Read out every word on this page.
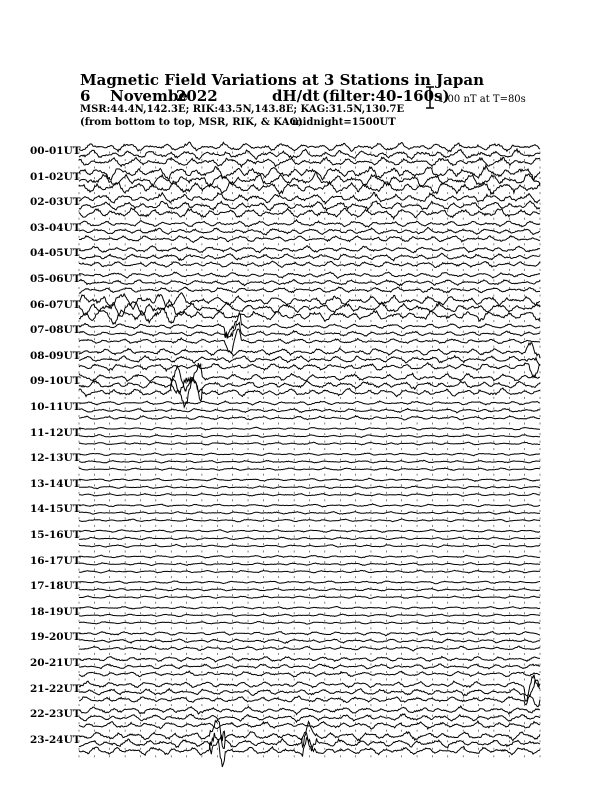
Magnetic Field Variations at 3 Stations in Japan
6 Novembe
2022	dH/dt (filter:40-160s)
MSR:44.4N,142.3E; RIK:43.5N,143.8E; KAG:31.5N,130.7E
(from bottom to top, MSR, RIK, & KAG)
midnight=1500UT
1.00 nT at T=80s
00-01UT
01-02UT
02-03UT
03-04UT
04-05UT
05-06UT
06-07UT
07-08UT
08-09UT
09-10UT
10-11UT
11-12UT
12-13UT
13-14UT
14-15UT
15-16UT
16-17UT
17-18UT
18-19UT
19-20UT
20-21UT
21-22UT
22-23UT
23-24UT
